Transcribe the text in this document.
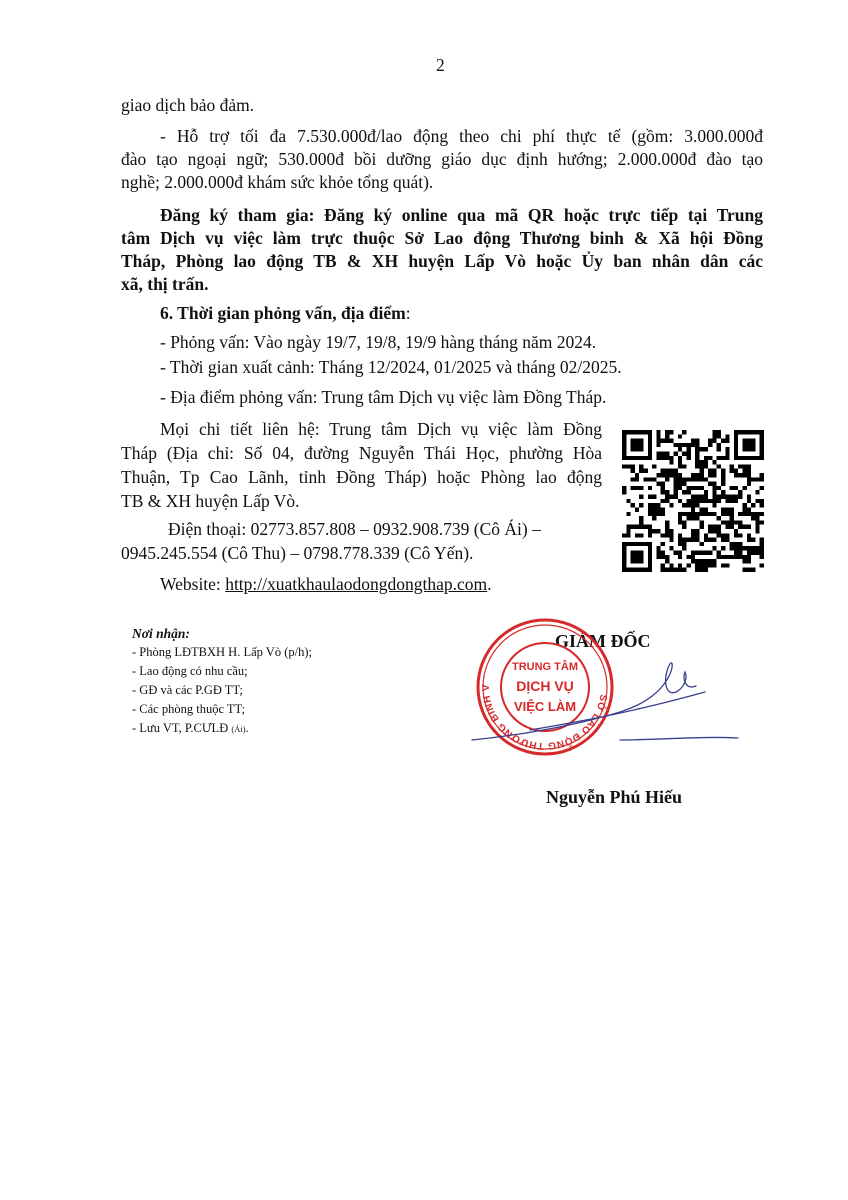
2
giao dịch bảo đảm.
- Hỗ trợ tối đa 7.530.000đ/lao động theo chi phí thực tế (gồm: 3.000.000đ
đào tạo ngoại ngữ; 530.000đ bồi dưỡng giáo dục định hướng; 2.000.000đ đào tạo
nghề; 2.000.000đ khám sức khỏe tổng quát).
Đăng ký tham gia: Đăng ký online qua mã QR hoặc trực tiếp tại Trung
tâm Dịch vụ việc làm trực thuộc Sở Lao động Thương binh & Xã hội Đồng
Tháp, Phòng lao động TB & XH huyện Lấp Vò hoặc Ủy ban nhân dân các
xã, thị trấn.
6. Thời gian phỏng vấn, địa điểm:
- Phỏng vấn: Vào ngày 19/7, 19/8, 19/9 hàng tháng năm 2024.
- Thời gian xuất cảnh: Tháng 12/2024, 01/2025 và tháng 02/2025.
- Địa điểm phỏng vấn: Trung tâm Dịch vụ việc làm Đồng Tháp.
Mọi chi tiết liên hệ: Trung tâm Dịch vụ việc làm Đồng
Tháp (Địa chỉ: Số 04, đường Nguyễn Thái Học, phường Hòa
Thuận, Tp Cao Lãnh, tỉnh Đồng Tháp) hoặc Phòng lao động
TB & XH huyện Lấp Vò.
Điện thoại: 02773.857.808 – 0932.908.739 (Cô Ái) –
0945.245.554 (Cô Thu) – 0798.778.339 (Cô Yến).
Website: http://xuatkhaulaodongdongthap.com.
Nơi nhận:
- Phòng LĐTBXH H. Lấp Vò (p/h);
- Lao động có nhu cầu;
- GĐ và các P.GĐ TT;
- Các phòng thuộc TT;
- Lưu VT, P.CƯLĐ (Ái).
GIÁM ĐỐC
SỞ LAO ĐỘNG THƯƠNG BINH V
TRUNG TÂM
DỊCH VỤ
VIỆC LÀM
Nguyễn Phú Hiếu
